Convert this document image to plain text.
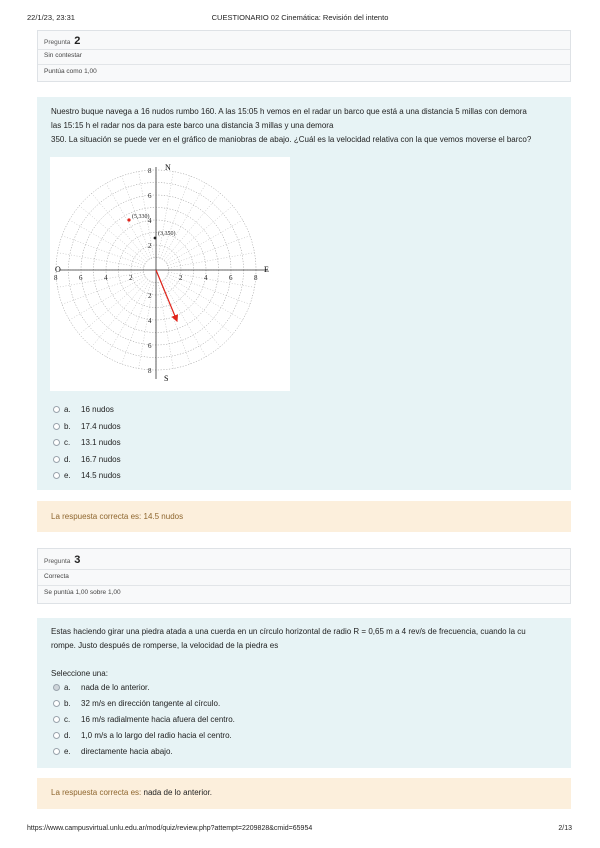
22/1/23, 23:31	CUESTIONARIO 02 Cinemática: Revisión del intento
Pregunta 2
Sin contestar
Puntúa como 1,00
Nuestro buque navega a 16 nudos rumbo 160. A las 15:05 h vemos en el radar un barco que está a una distancia 5 millas con demora
las 15:15 h el radar nos da para este barco una distancia 3 millas y una demora
350. La situación se puede ver en el gráfico de maniobras de abajo. ¿Cuál es la velocidad relativa con la que vemos moverse el barco?
a. 16 nudos
b. 17.4 nudos
c. 13.1 nudos
d. 16.7 nudos
e. 14.5 nudos
8	6	4	2	2	4	6	8
8
6
4
2
2
4
6
8
N
S
E
O
(5,330)
(3,350)
La respuesta correcta es: 14.5 nudos
Pregunta 3
Correcta
Se puntúa 1,00 sobre 1,00
Estas haciendo girar una piedra atada a una cuerda en un círculo horizontal de radio R = 0,65 m a 4 rev/s de frecuencia, cuando la cu
rompe. Justo después de romperse, la velocidad de la piedra es
Seleccione una:
a. nada de lo anterior.
b. 32 m/s en dirección tangente al círculo.
c. 16 m/s radialmente hacia afuera del centro.
d. 1,0 m/s a lo largo del radio hacia el centro.
e. directamente hacia abajo.
La respuesta correcta es: nada de lo anterior.
https://www.campusvirtual.unlu.edu.ar/mod/quiz/review.php?attempt=2209828&cmid=65954	2/13
